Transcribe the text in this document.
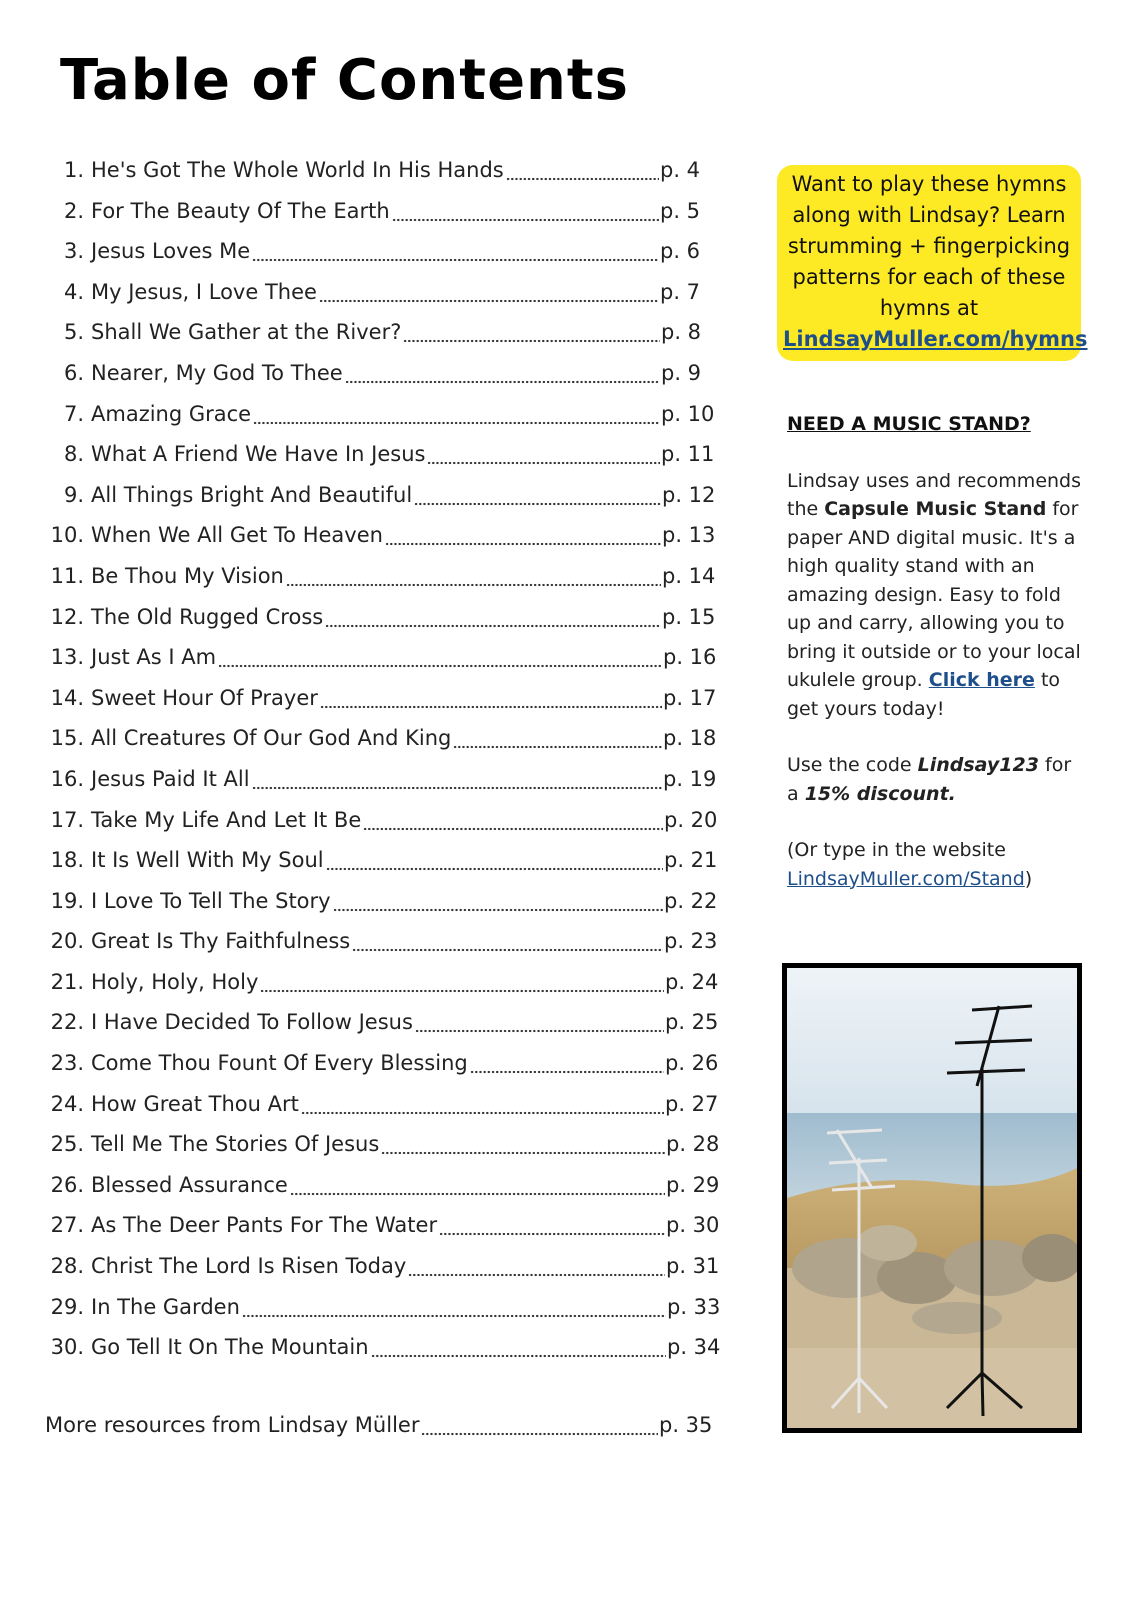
Table of Contents
1. He's Got The Whole World In His Hands	p. 4
2. For The Beauty Of The Earth	p. 5
3. Jesus Loves Me	p. 6
4. My Jesus, I Love Thee	p. 7
5. Shall We Gather at the River?	p. 8
6. Nearer, My God To Thee	p. 9
7. Amazing Grace	p. 10
8. What A Friend We Have In Jesus	p. 11
9. All Things Bright And Beautiful	p. 12
10. When We All Get To Heaven	p. 13
11. Be Thou My Vision	p. 14
12. The Old Rugged Cross	p. 15
13. Just As I Am	p. 16
14. Sweet Hour Of Prayer	p. 17
15. All Creatures Of Our God And King	p. 18
16. Jesus Paid It All	p. 19
17. Take My Life And Let It Be	p. 20
18. It Is Well With My Soul	p. 21
19. I Love To Tell The Story	p. 22
20. Great Is Thy Faithfulness	p. 23
21. Holy, Holy, Holy	p. 24
22. I Have Decided To Follow Jesus	p. 25
23. Come Thou Fount Of Every Blessing	p. 26
24. How Great Thou Art	p. 27
25. Tell Me The Stories Of Jesus	p. 28
26. Blessed Assurance	p. 29
27. As The Deer Pants For The Water	p. 30
28. Christ The Lord Is Risen Today	p. 31
29. In The Garden	p. 33
30. Go Tell It On The Mountain	p. 34
More resources from Lindsay Müller	p. 35
Want to play these hymns along with Lindsay? Learn strumming + fingerpicking patterns for each of these hymns at
LindsayMuller.com/hymns

NEED A MUSIC STAND?

Lindsay uses and recommends the Capsule Music Stand for paper AND digital music. It's a high quality stand with an amazing design. Easy to fold up and carry, allowing you to bring it outside or to your local ukulele group. Click here to get yours today!

Use the code Lindsay123 for a 15% discount.

(Or type in the website LindsayMuller.com/Stand)
